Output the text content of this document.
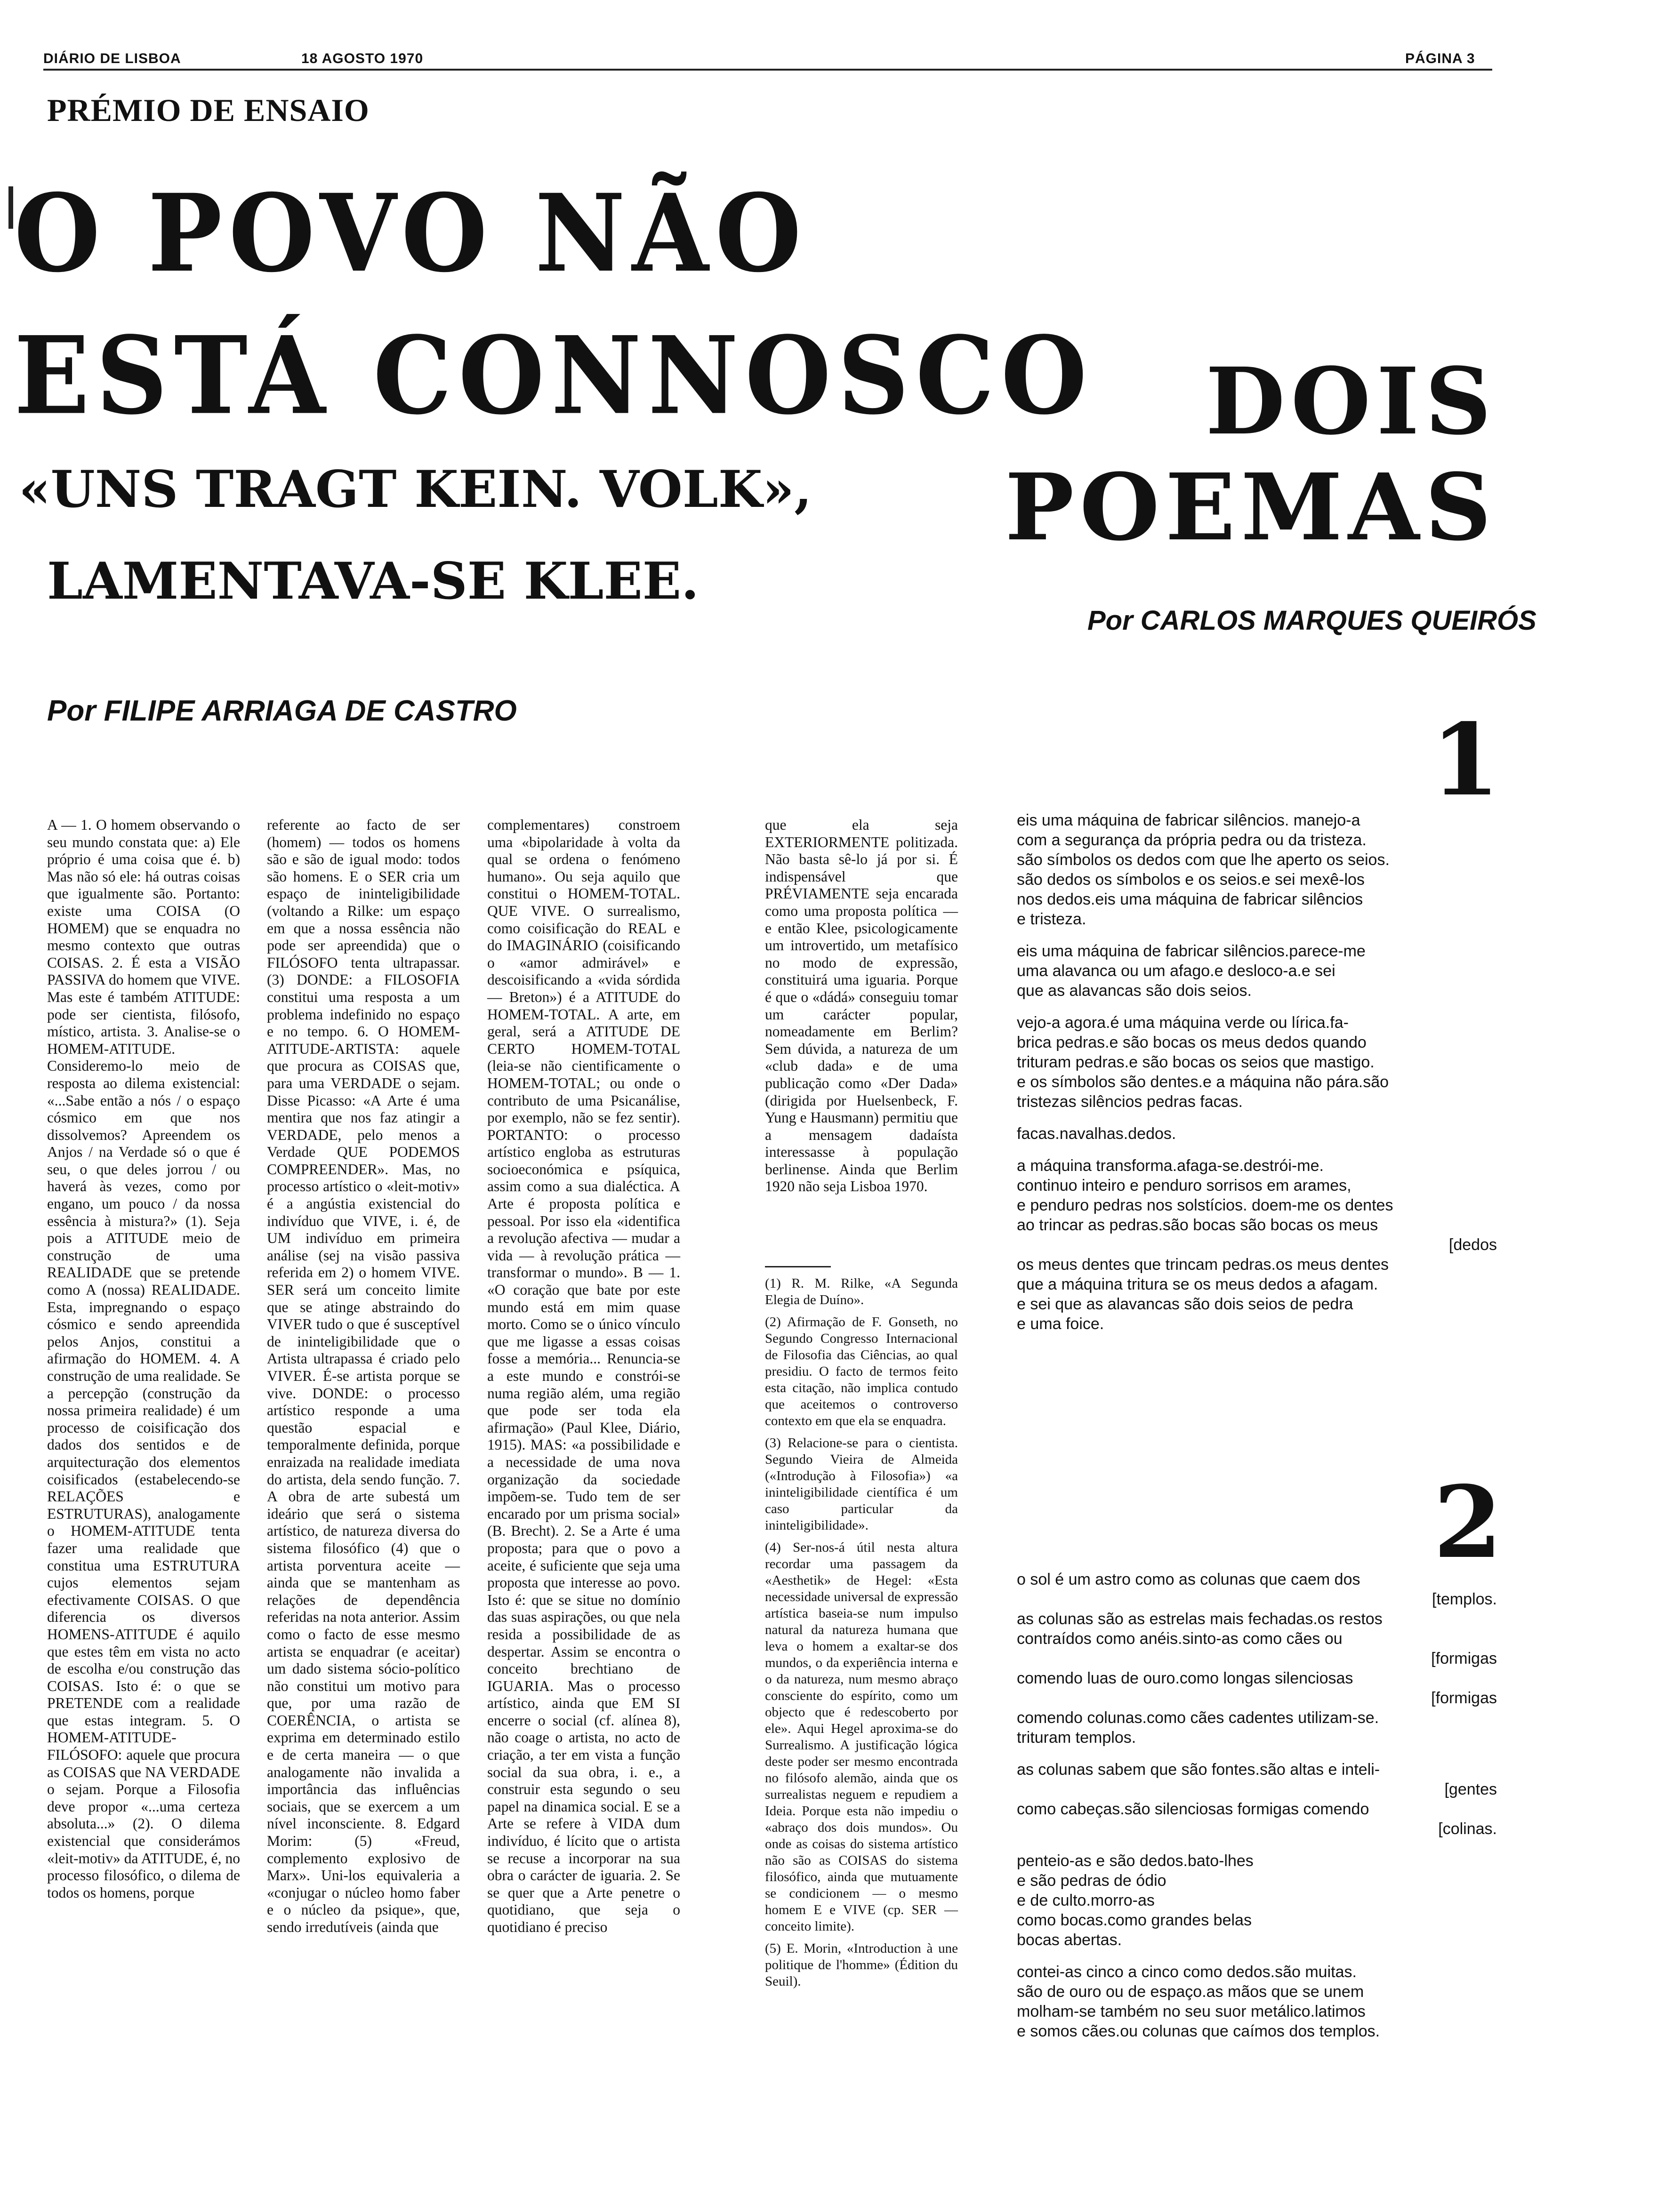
DIÁRIO DE LISBOA	18 AGOSTO 1970	PÁGINA 3
PRÉMIO DE ENSAIO
O POVO NÃO
ESTÁ CONNOSCO
«UNS TRAGT KEIN. VOLK»,
LAMENTAVA-SE KLEE.
Por FILIPE ARRIAGA DE CASTRO

A — 1. O homem observando o seu mundo constata que: a) Ele próprio é uma coisa que é. b) Mas não só ele: há outras coisas que igualmente são. Portanto: existe uma COISA (O HOMEM) que se enquadra no mesmo contexto que outras COISAS. 2. É esta a VISÃO PASSIVA do homem que VIVE. Mas este é também ATITUDE: pode ser cientista, filósofo, místico, artista. 3. Analise-se o HOMEM-ATITUDE. Consideremo-lo meio de resposta ao dilema existencial: «...Sabe então a nós / o espaço cósmico em que nos dissolvemos? Apreendem os Anjos / na Verdade só o que é seu, o que deles jorrou / ou haverá às vezes, como por engano, um pouco / da nossa essência à mistura?» (1). Seja pois a ATITUDE meio de construção de uma REALIDADE que se pretende como A (nossa) REALIDADE. Esta, impregnando o espaço cósmico e sendo apreendida pelos Anjos, constitui a afirmação do HOMEM. 4. A construção de uma realidade. Se a percepção (construção da nossa primeira realidade) é um processo de coisificação dos dados dos sentidos e de arquitecturação dos elementos coisificados (estabelecendo-se RELAÇÕES e ESTRUTURAS), analogamente o HOMEM-ATITUDE tenta fazer uma realidade que constitua uma ESTRUTURA cujos elementos sejam efectivamente COISAS. O que diferencia os diversos HOMENS-ATITUDE é aquilo que estes têm em vista no acto de escolha e/ou construção das COISAS. Isto é: o que se PRETENDE com a realidade que estas integram. 5. O HOMEM-ATITUDE-FILÓSOFO: aquele que procura as COISAS que NA VERDADE o sejam. Porque a Filosofia deve propor «...uma certeza absoluta...» (2). O dilema existencial que considerámos «leit-motiv» da ATITUDE, é, no processo filosófico, o dilema de todos os homens, porque

referente ao facto de ser (homem) — todos os homens são e são de igual modo: todos são homens. E o SER cria um espaço de ininteligibilidade (voltando a Rilke: um espaço em que a nossa essência não pode ser apreendida) que o FILÓSOFO tenta ultrapassar. (3) DONDE: a FILOSOFIA constitui uma resposta a um problema indefinido no espaço e no tempo. 6. O HOMEM-ATITUDE-ARTISTA: aquele que procura as COISAS que, para uma VERDADE o sejam. Disse Picasso: «A Arte é uma mentira que nos faz atingir a VERDADE, pelo menos a Verdade QUE PODEMOS COMPREENDER». Mas, no processo artístico o «leit-motiv» é a angústia existencial do indivíduo que VIVE, i. é, de UM indivíduo em primeira análise (sej na visão passiva referida em 2) o homem VIVE. SER será um conceito limite que se atinge abstraindo do VIVER tudo o que é susceptível de ininteligibilidade que o Artista ultrapassa é criado pelo VIVER. É-se artista porque se vive. DONDE: o processo artístico responde a uma questão espacial e temporalmente definida, porque enraizada na realidade imediata do artista, dela sendo função. 7. A obra de arte subestá um ideário que será o sistema artístico, de natureza diversa do sistema filosófico (4) que o artista porventura aceite — ainda que se mantenham as relações de dependência referidas na nota anterior. Assim como o facto de esse mesmo artista se enquadrar (e aceitar) um dado sistema sócio-político não constitui um motivo para que, por uma razão de COERÊNCIA, o artista se exprima em determinado estilo e de certa maneira — o que analogamente não invalida a importância das influências sociais, que se exercem a um nível inconsciente. 8. Edgard Morim: (5) «Freud, complemento explosivo de Marx». Uni-los equivaleria a «conjugar o núcleo homo faber e o núcleo da psique», que, sendo irredutíveis (ainda que

complementares) constroem uma «bipolaridade à volta da qual se ordena o fenómeno humano». Ou seja aquilo que constitui o HOMEM-TOTAL. QUE VIVE. O surrealismo, como coisificação do REAL e do IMAGINÁRIO (coisificando o «amor admirável» e descoisificando a «vida sórdida — Breton») é a ATITUDE do HOMEM-TOTAL. A arte, em geral, será a ATITUDE DE CERTO HOMEM-TOTAL (leia-se não cientificamente o HOMEM-TOTAL; ou onde o contributo de uma Psicanálise, por exemplo, não se fez sentir). PORTANTO: o processo artístico engloba as estruturas socioeconómica e psíquica, assim como a sua dialéctica. A Arte é proposta política e pessoal. Por isso ela «identifica a revolução afectiva — mudar a vida — à revolução prática — transformar o mundo». B — 1. «O coração que bate por este mundo está em mim quase morto. Como se o único vínculo que me ligasse a essas coisas fosse a memória... Renuncia-se a este mundo e constrói-se numa região além, uma região que pode ser toda ela afirmação» (Paul Klee, Diário, 1915). MAS: «a possibilidade e a necessidade de uma nova organização da sociedade impõem-se. Tudo tem de ser encarado por um prisma social» (B. Brecht). 2. Se a Arte é uma proposta; para que o povo a aceite, é suficiente que seja uma proposta que interesse ao povo. Isto é: que se situe no domínio das suas aspirações, ou que nela resida a possibilidade de as despertar. Assim se encontra o conceito brechtiano de IGUARIA. Mas o processo artístico, ainda que EM SI encerre o social (cf. alínea 8), não coage o artista, no acto de criação, a ter em vista a função social da sua obra, i. e., a construir esta segundo o seu papel na dinamica social. E se a Arte se refere à VIDA dum indivíduo, é lícito que o artista se recuse a incorporar na sua obra o carácter de iguaria. 2. Se se quer que a Arte penetre o quotidiano, que seja o quotidiano é preciso

que ela seja EXTERIORMENTE politizada. Não basta sê-lo já por si. É indispensável que PRÉVIAMENTE seja encarada como uma proposta política — e então Klee, psicologicamente um introvertido, um metafísico no modo de expressão, constituirá uma iguaria. Porque é que o «dádá» conseguiu tomar um carácter popular, nomeadamente em Berlim? Sem dúvida, a natureza de um «club dada» e de uma publicação como «Der Dada» (dirigida por Huelsenbeck, F. Yung e Hausmann) permitiu que a mensagem dadaísta interessasse à população berlinense. Ainda que Berlim 1920 não seja Lisboa 1970.

(1) R. M. Rilke, «A Segunda Elegia de Duíno».

(2) Afirmação de F. Gonseth, no Segundo Congresso Internacional de Filosofia das Ciências, ao qual presidiu. O facto de termos feito esta citação, não implica contudo que aceitemos o controverso contexto em que ela se enquadra.

(3) Relacione-se para o cientista. Segundo Vieira de Almeida («Introdução à Filosofia») «a ininteligibilidade científica é um caso particular da ininteligibilidade».

(4) Ser-nos-á útil nesta altura recordar uma passagem da «Aesthetik» de Hegel: «Esta necessidade universal de expressão artística baseia-se num impulso natural da natureza humana que leva o homem a exaltar-se dos mundos, o da experiência interna e o da natureza, num mesmo abraço consciente do espírito, como um objecto que é redescoberto por ele». Aqui Hegel aproxima-se do Surrealismo. A justificação lógica deste poder ser mesmo encontrada no filósofo alemão, ainda que os surrealistas neguem e repudiem a Ideia. Porque esta não impediu o «abraço dos dois mundos». Ou onde as coisas do sistema artístico não são as COISAS do sistema filosófico, ainda que mutuamente se condicionem — o mesmo homem E e VIVE (cp. SER — conceito limite).

(5) E. Morin, «Introduction à une politique de l'homme» (Édition du Seuil).

DOIS
POEMAS
Por CARLOS MARQUES QUEIRÓS
1
eis uma máquina de fabricar silêncios. manejo-a
com a segurança da própria pedra ou da tristeza.
são símbolos os dedos com que lhe aperto os seios.
são dedos os símbolos e os seios.e sei mexê-los
nos dedos.eis uma máquina de fabricar silêncios
e tristeza.
eis uma máquina de fabricar silêncios.parece-me
uma alavanca ou um afago.e desloco-a.e sei
que as alavancas são dois seios.
vejo-a agora.é uma máquina verde ou lírica.fa-
brica pedras.e são bocas os meus dedos quando
trituram pedras.e são bocas os seios que mastigo.
e os símbolos são dentes.e a máquina não pára.são
tristezas silêncios pedras facas.
facas.navalhas.dedos.
a máquina transforma.afaga-se.destrói-me.
continuo inteiro e penduro sorrisos em arames,
e penduro pedras nos solstícios. doem-me os dentes
ao trincar as pedras.são bocas são bocas os meus
[dedos
os meus dentes que trincam pedras.os meus dentes
que a máquina tritura se os meus dedos a afagam.
e sei que as alavancas são dois seios de pedra
e uma foice.
2
o sol é um astro como as colunas que caem dos
[templos.
as colunas são as estrelas mais fechadas.os restos
contraídos como anéis.sinto-as como cães ou
[formigas
comendo luas de ouro.como longas silenciosas
[formigas
comendo colunas.como cães cadentes utilizam-se.
trituram templos.
as colunas sabem que são fontes.são altas e inteli-
[gentes
como cabeças.são silenciosas formigas comendo
[colinas.
penteio-as e são dedos.bato-lhes
e são pedras de ódio
e de culto.morro-as
como bocas.como grandes belas
bocas abertas.
contei-as cinco a cinco como dedos.são muitas.
são de ouro ou de espaço.as mãos que se unem
molham-se também no seu suor metálico.latimos
e somos cães.ou colunas que caímos dos templos.
